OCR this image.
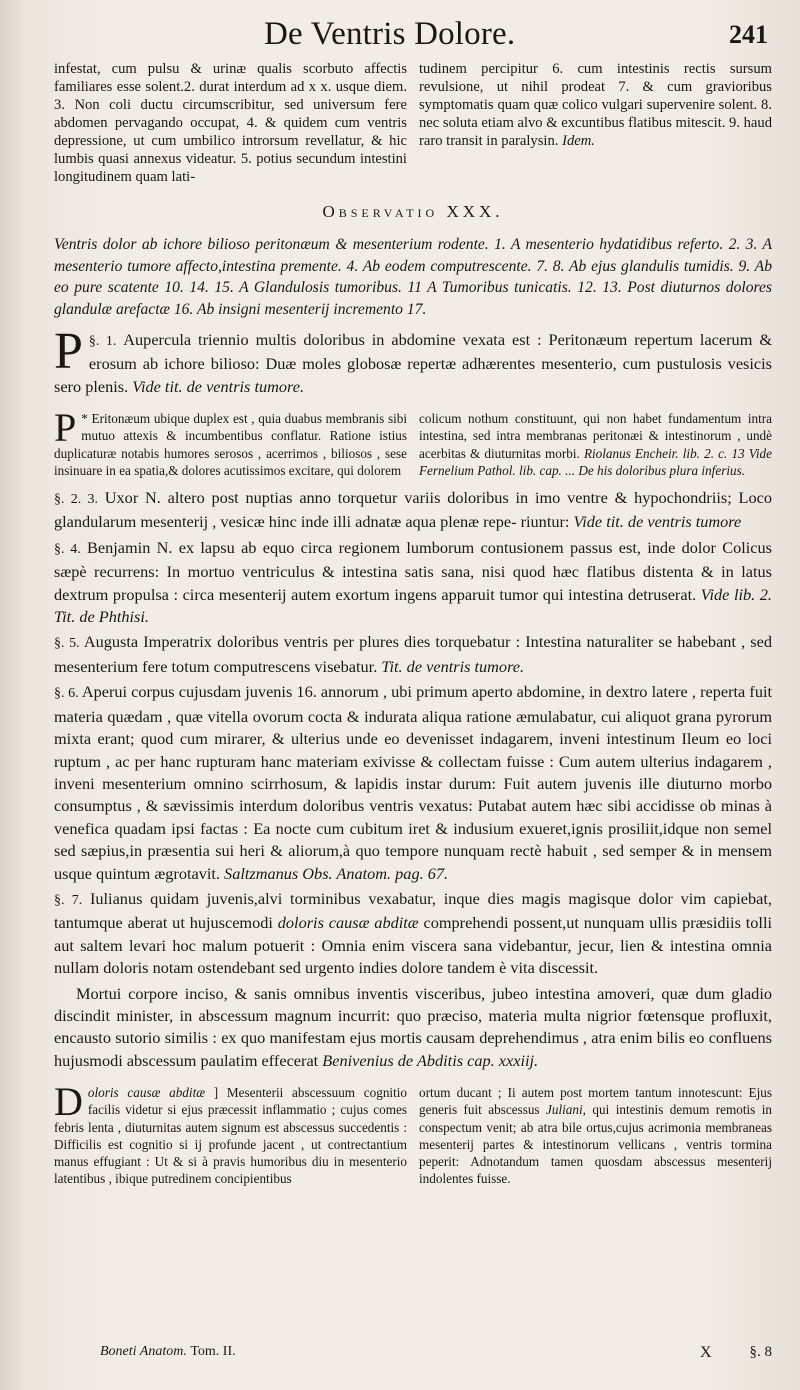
De Ventris Dolore.	241
infestat, cum pulsu & urinæ qualis scorbuto affectis familiares esse solent.2. durat interdum ad x x. usque diem. 3. Non coli ductu circumscribitur, sed universum fere abdomen pervagando occupat, 4. & quidem cum ventris depressione, ut cum umbilico introrsum revellatur, & hic lumbis quasi annexus videatur. 5. potius secundum intestini longitudinem quam lati-
tudinem percipitur 6. cum intestinis rectis sursum revulsione, ut nihil prodeat 7. & cum gravioribus symptomatis quam quæ colico vulgari supervenire solent. 8. nec soluta etiam alvo & excuntibus flatibus mitescit. 9. haud raro transit in paralysin. Idem.
Observatio XXX.
Ventris dolor ab ichore bilioso peritonæum & mesenterium rodente. 1. A mesenterio hydatidibus referto. 2. 3. A mesenterio tumore affecto,intestina premente. 4. Ab eodem computrescente. 7. 8. Ab ejus glandulis tumidis. 9. Ab eo pure scatente 10. 14. 15. A Glandulosis tumoribus. 11 A Tumoribus tunicatis. 12. 13. Post diuturnos dolores glandulæ arefactæ 16. Ab insigni mesenterij incremento 17.
§. 1.
P Aupercula triennio multis doloribus in abdomine vexata est : Peritonæum repertum lacerum & erosum ab ichore bilioso: Duæ moles globosæ repertæ adhærentes mesenterio, cum pustulosis vesicis sero plenis. Vide tit. de ventris tumore.
*
P Eritonæum ubique duplex est , quia duabus membranis sibi mutuo attexis & incumbentibus conflatur. Ratione istius duplicaturæ notabis humores serosos , acerrimos , biliosos , sese insinuare in ea spatia,& dolores acutissimos excitare, qui dolorem
colicum nothum constituunt, qui non habet fundamentum intra intestina, sed intra membranas peritonæi & intestinorum , undè acerbitas & diuturnitas morbi. Riolanus Encheir. lib. 2. c. 13 Vide Fernelium Pathol. lib. cap. ... De his doloribus plura inferius.
§. 2. 3. Uxor N. altero post nuptias anno torquetur variis doloribus in imo ventre & hypochondriis; Loco glandularum mesenterij , vesicæ hinc inde illi adnatæ aqua plenæ repe- riuntur: Vide tit. de ventris tumore
§. 4. Benjamin N. ex lapsu ab equo circa regionem lumborum contusionem passus est, inde dolor Colicus sæpè recurrens: In mortuo ventriculus & intestina satis sana, nisi quod hæc flatibus distenta & in latus dextrum propulsa : circa mesenterij autem exortum ingens apparuit tumor qui intestina detruserat. Vide lib. 2. Tit. de Phthisi.
§. 5. Augusta Imperatrix doloribus ventris per plures dies torquebatur : Intestina naturaliter se habebant , sed mesenterium fere totum computrescens visebatur. Tit. de ventris tumore.
§. 6. Aperui corpus cujusdam juvenis 16. annorum , ubi primum aperto abdomine, in dextro latere , reperta fuit materia quædam , quæ vitella ovorum cocta & indurata aliqua ratione æmulabatur, cui aliquot grana pyrorum mixta erant; quod cum mirarer, & ulterius unde eo devenisset indagarem, inveni intestinum Ileum eo loci ruptum , ac per hanc rupturam hanc materiam exivisse & collectam fuisse : Cum autem ulterius indagarem , inveni mesenterium omnino scirrhosum, & lapidis instar durum: Fuit autem juvenis ille diuturno morbo consumptus , & sævissimis interdum doloribus ventris vexatus: Putabat autem hæc sibi accidisse ob minas à venefica quadam ipsi factas : Ea nocte cum cubitum iret & indusium exueret,ignis prosiliit,idque non semel sed sæpius,in præsentia sui heri & aliorum,à quo tempore nunquam rectè habuit , sed semper & in mensem usque quintum ægrotavit. Saltzmanus Obs. Anatom. pag. 67.
§. 7. Iulianus quidam juvenis,alvi torminibus vexabatur, inque dies magis magisque dolor vim capiebat, tantumque aberat ut hujuscemodi doloris causæ abditæ comprehendi possent,ut nunquam ullis præsidiis tolli aut saltem levari hoc malum potuerit : Omnia enim viscera sana videbantur, jecur, lien & intestina omnia nullam doloris notam ostendebant sed urgento indies dolore tandem è vita discessit.
Mortui corpore inciso, & sanis omnibus inventis visceribus, jubeo intestina amoveri, quæ dum gladio discindit minister, in abscessum magnum incurrit: quo præciso, materia multa nigrior fœtensque profluxit, encausto sutorio similis : ex quo manifestam ejus mortis causam deprehendimus , atra enim bilis eo confluens hujusmodi abscessum paulatim effecerat Benivenius de Abditis cap. xxxiij.
D oloris causæ abditæ ] Mesenterii abscessuum cognitio facilis videtur si ejus præcessit inflammatio ; cujus comes febris lenta , diuturnitas autem signum est abscessus succedentis : Difficilis est cognitio si ij profunde jacent , ut contrectantium manus effugiant : Ut & si à pravis humoribus diu in mesenterio latentibus , ibique putredinem concipientibus
ortum ducant ; Ii autem post mortem tantum innotescunt: Ejus generis fuit abscessus Juliani, qui intestinis demum remotis in conspectum venit; ab atra bile ortus,cujus acrimonia membraneas mesenterij partes & intestinorum vellicans , ventris tormina peperit: Adnotandum tamen quosdam abscessus mesenterij indolentes fuisse.
Boneti Anatom. Tom. II.	X	§. 8
